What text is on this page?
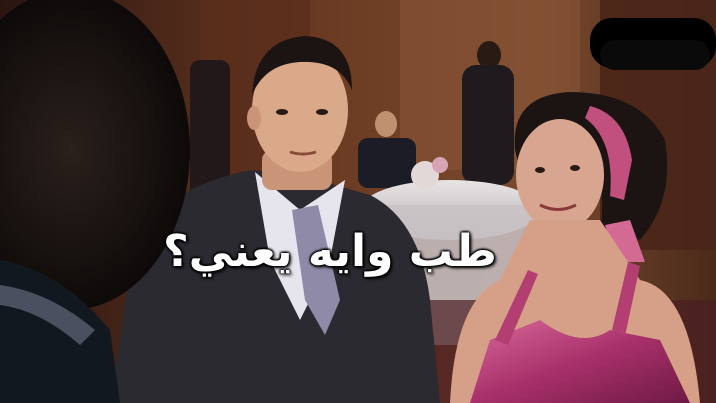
طب وايه يعني؟
